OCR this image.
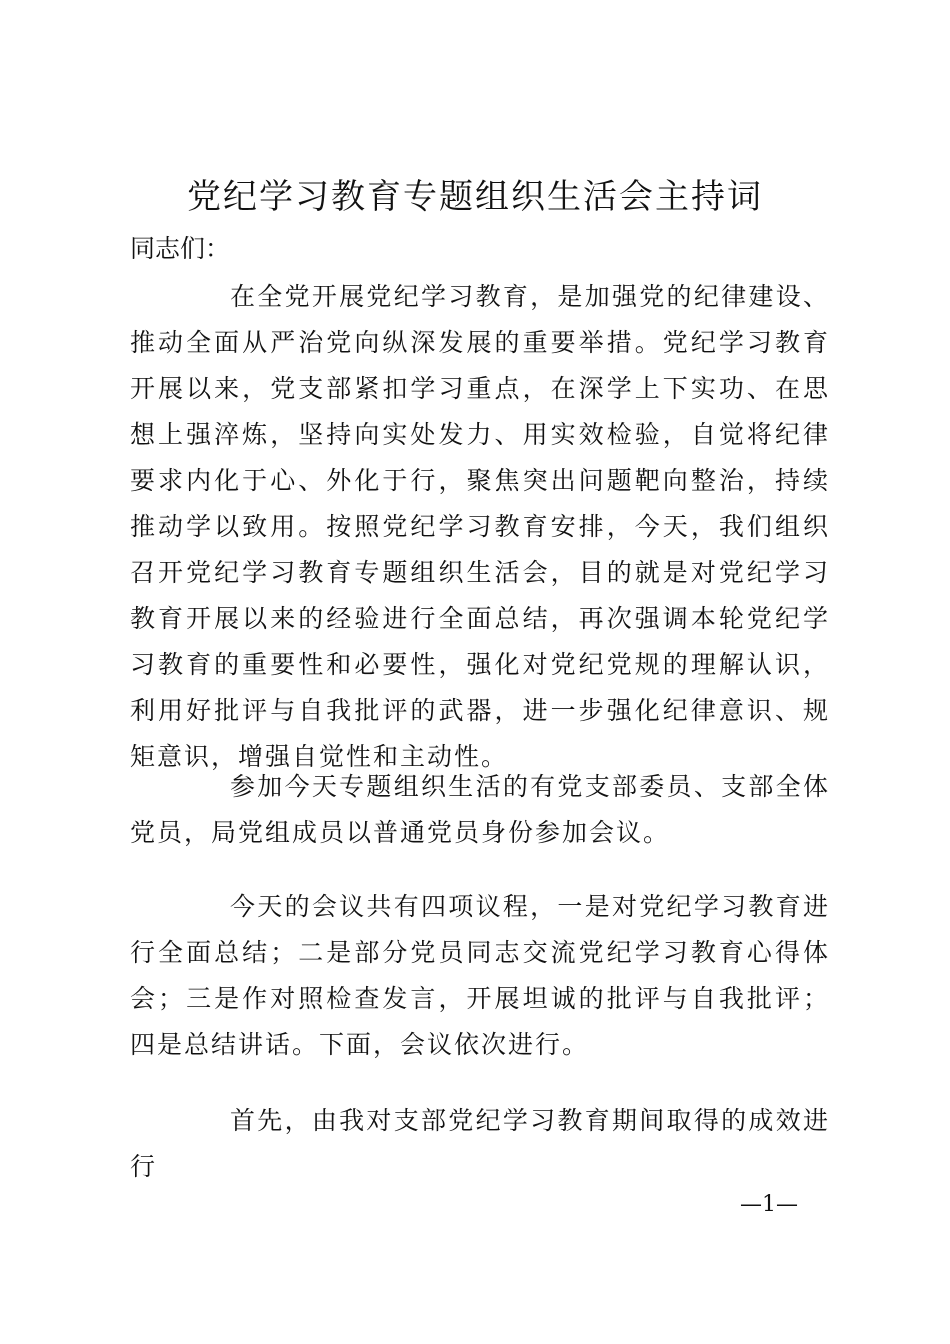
党纪学习教育专题组织生活会主持词

同志们：

在全党开展党纪学习教育，是加强党的纪律建设、推动全面从严治党向纵深发展的重要举措。党纪学习教育开展以来，党支部紧扣学习重点，在深学上下实功、在思想上强淬炼，坚持向实处发力、用实效检验，自觉将纪律要求内化于心、外化于行，聚焦突出问题靶向整治，持续推动学以致用。按照党纪学习教育安排，今天，我们组织召开党纪学习教育专题组织生活会，目的就是对党纪学习教育开展以来的经验进行全面总结，再次强调本轮党纪学习教育的重要性和必要性，强化对党纪党规的理解认识，利用好批评与自我批评的武器，进一步强化纪律意识、规矩意识，增强自觉性和主动性。

参加今天专题组织生活的有党支部委员、支部全体党员，局党组成员以普通党员身份参加会议。

今天的会议共有四项议程，一是对党纪学习教育进行全面总结；二是部分党员同志交流党纪学习教育心得体会；三是作对照检查发言，开展坦诚的批评与自我批评；四是总结讲话。下面，会议依次进行。

首先，由我对支部党纪学习教育期间取得的成效进行

—1—
